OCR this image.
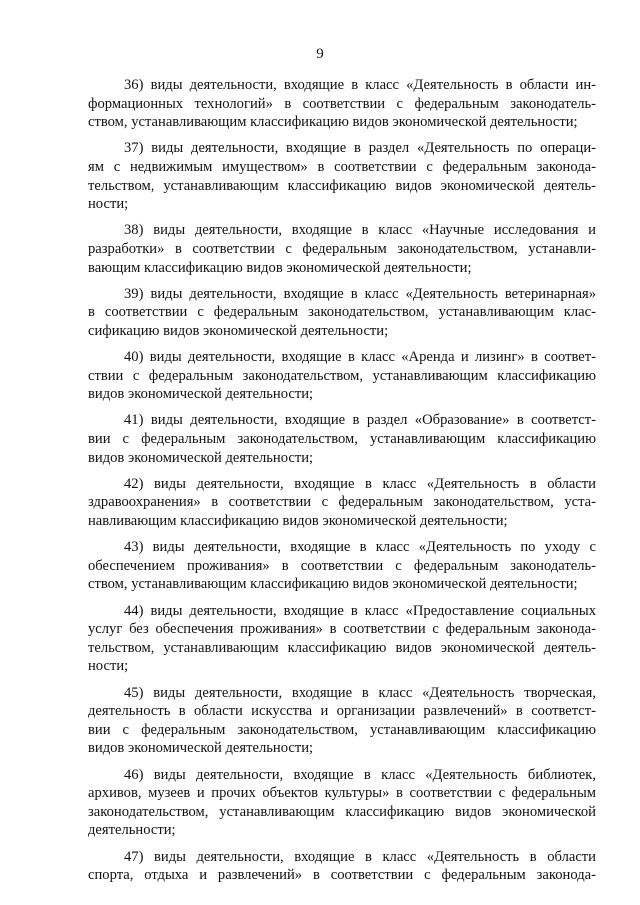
9
36) виды деятельности, входящие в класс «Деятельность в области ин-
формационных технологий» в соответствии с федеральным законодатель-
ством, устанавливающим классификацию видов экономической деятельности;
37) виды деятельности, входящие в раздел «Деятельность по операци-
ям с недвижимым имуществом» в соответствии с федеральным законода-
тельством, устанавливающим классификацию видов экономической деятель-
ности;
38) виды деятельности, входящие в класс «Научные исследования и
разработки» в соответствии с федеральным законодательством, устанавли-
вающим классификацию видов экономической деятельности;
39) виды деятельности, входящие в класс «Деятельность ветеринарная»
в соответствии с федеральным законодательством, устанавливающим клас-
сификацию видов экономической деятельности;
40) виды деятельности, входящие в класс «Аренда и лизинг» в соответ-
ствии с федеральным законодательством, устанавливающим классификацию
видов экономической деятельности;
41) виды деятельности, входящие в раздел «Образование» в соответст-
вии с федеральным законодательством, устанавливающим классификацию
видов экономической деятельности;
42) виды деятельности, входящие в класс «Деятельность в области
здравоохранения» в соответствии с федеральным законодательством, уста-
навливающим классификацию видов экономической деятельности;
43) виды деятельности, входящие в класс «Деятельность по уходу с
обеспечением проживания» в соответствии с федеральным законодатель-
ством, устанавливающим классификацию видов экономической деятельности;
44) виды деятельности, входящие в класс «Предоставление социальных
услуг без обеспечения проживания» в соответствии с федеральным законода-
тельством, устанавливающим классификацию видов экономической деятель-
ности;
45) виды деятельности, входящие в класс «Деятельность творческая,
деятельность в области искусства и организации развлечений» в соответст-
вии с федеральным законодательством, устанавливающим классификацию
видов экономической деятельности;
46) виды деятельности, входящие в класс «Деятельность библиотек,
архивов, музеев и прочих объектов культуры» в соответствии с федеральным
законодательством, устанавливающим классификацию видов экономической
деятельности;
47) виды деятельности, входящие в класс «Деятельность в области
спорта, отдыха и развлечений» в соответствии с федеральным законода-
